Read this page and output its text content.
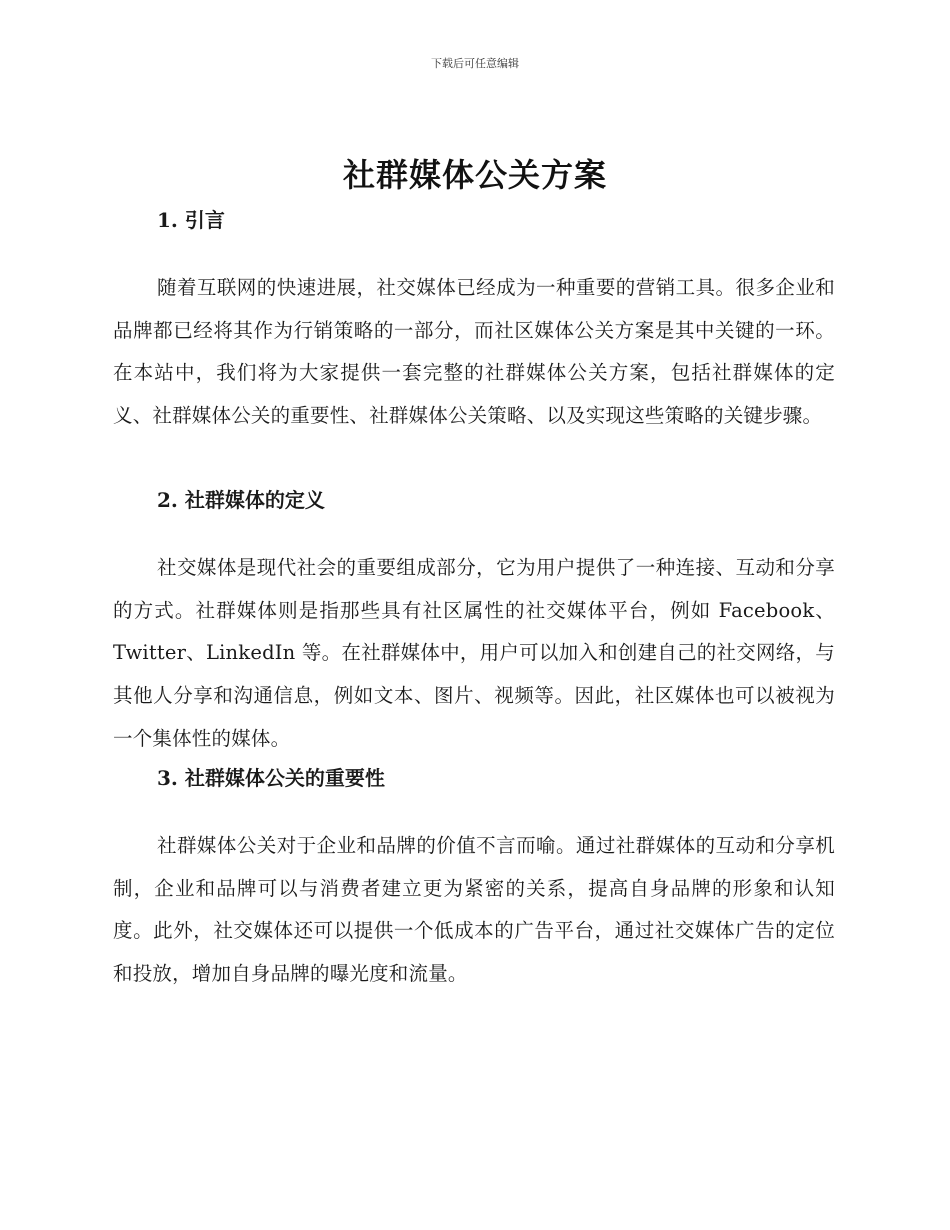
下载后可任意编辑
社群媒体公关方案
1. 引言

随着互联网的快速进展，社交媒体已经成为一种重要的营销工具。很多企业和品牌都已经将其作为行销策略的一部分，而社区媒体公关方案是其中关键的一环。在本站中，我们将为大家提供一套完整的社群媒体公关方案，包括社群媒体的定义、社群媒体公关的重要性、社群媒体公关策略、以及实现这些策略的关键步骤。

2. 社群媒体的定义

社交媒体是现代社会的重要组成部分，它为用户提供了一种连接、互动和分享的方式。社群媒体则是指那些具有社区属性的社交媒体平台，例如 Facebook、Twitter、LinkedIn 等。在社群媒体中，用户可以加入和创建自己的社交网络，与其他人分享和沟通信息，例如文本、图片、视频等。因此，社区媒体也可以被视为一个集体性的媒体。

3. 社群媒体公关的重要性

社群媒体公关对于企业和品牌的价值不言而喻。通过社群媒体的互动和分享机制，企业和品牌可以与消费者建立更为紧密的关系，提高自身品牌的形象和认知度。此外，社交媒体还可以提供一个低成本的广告平台，通过社交媒体广告的定位和投放，增加自身品牌的曝光度和流量。
